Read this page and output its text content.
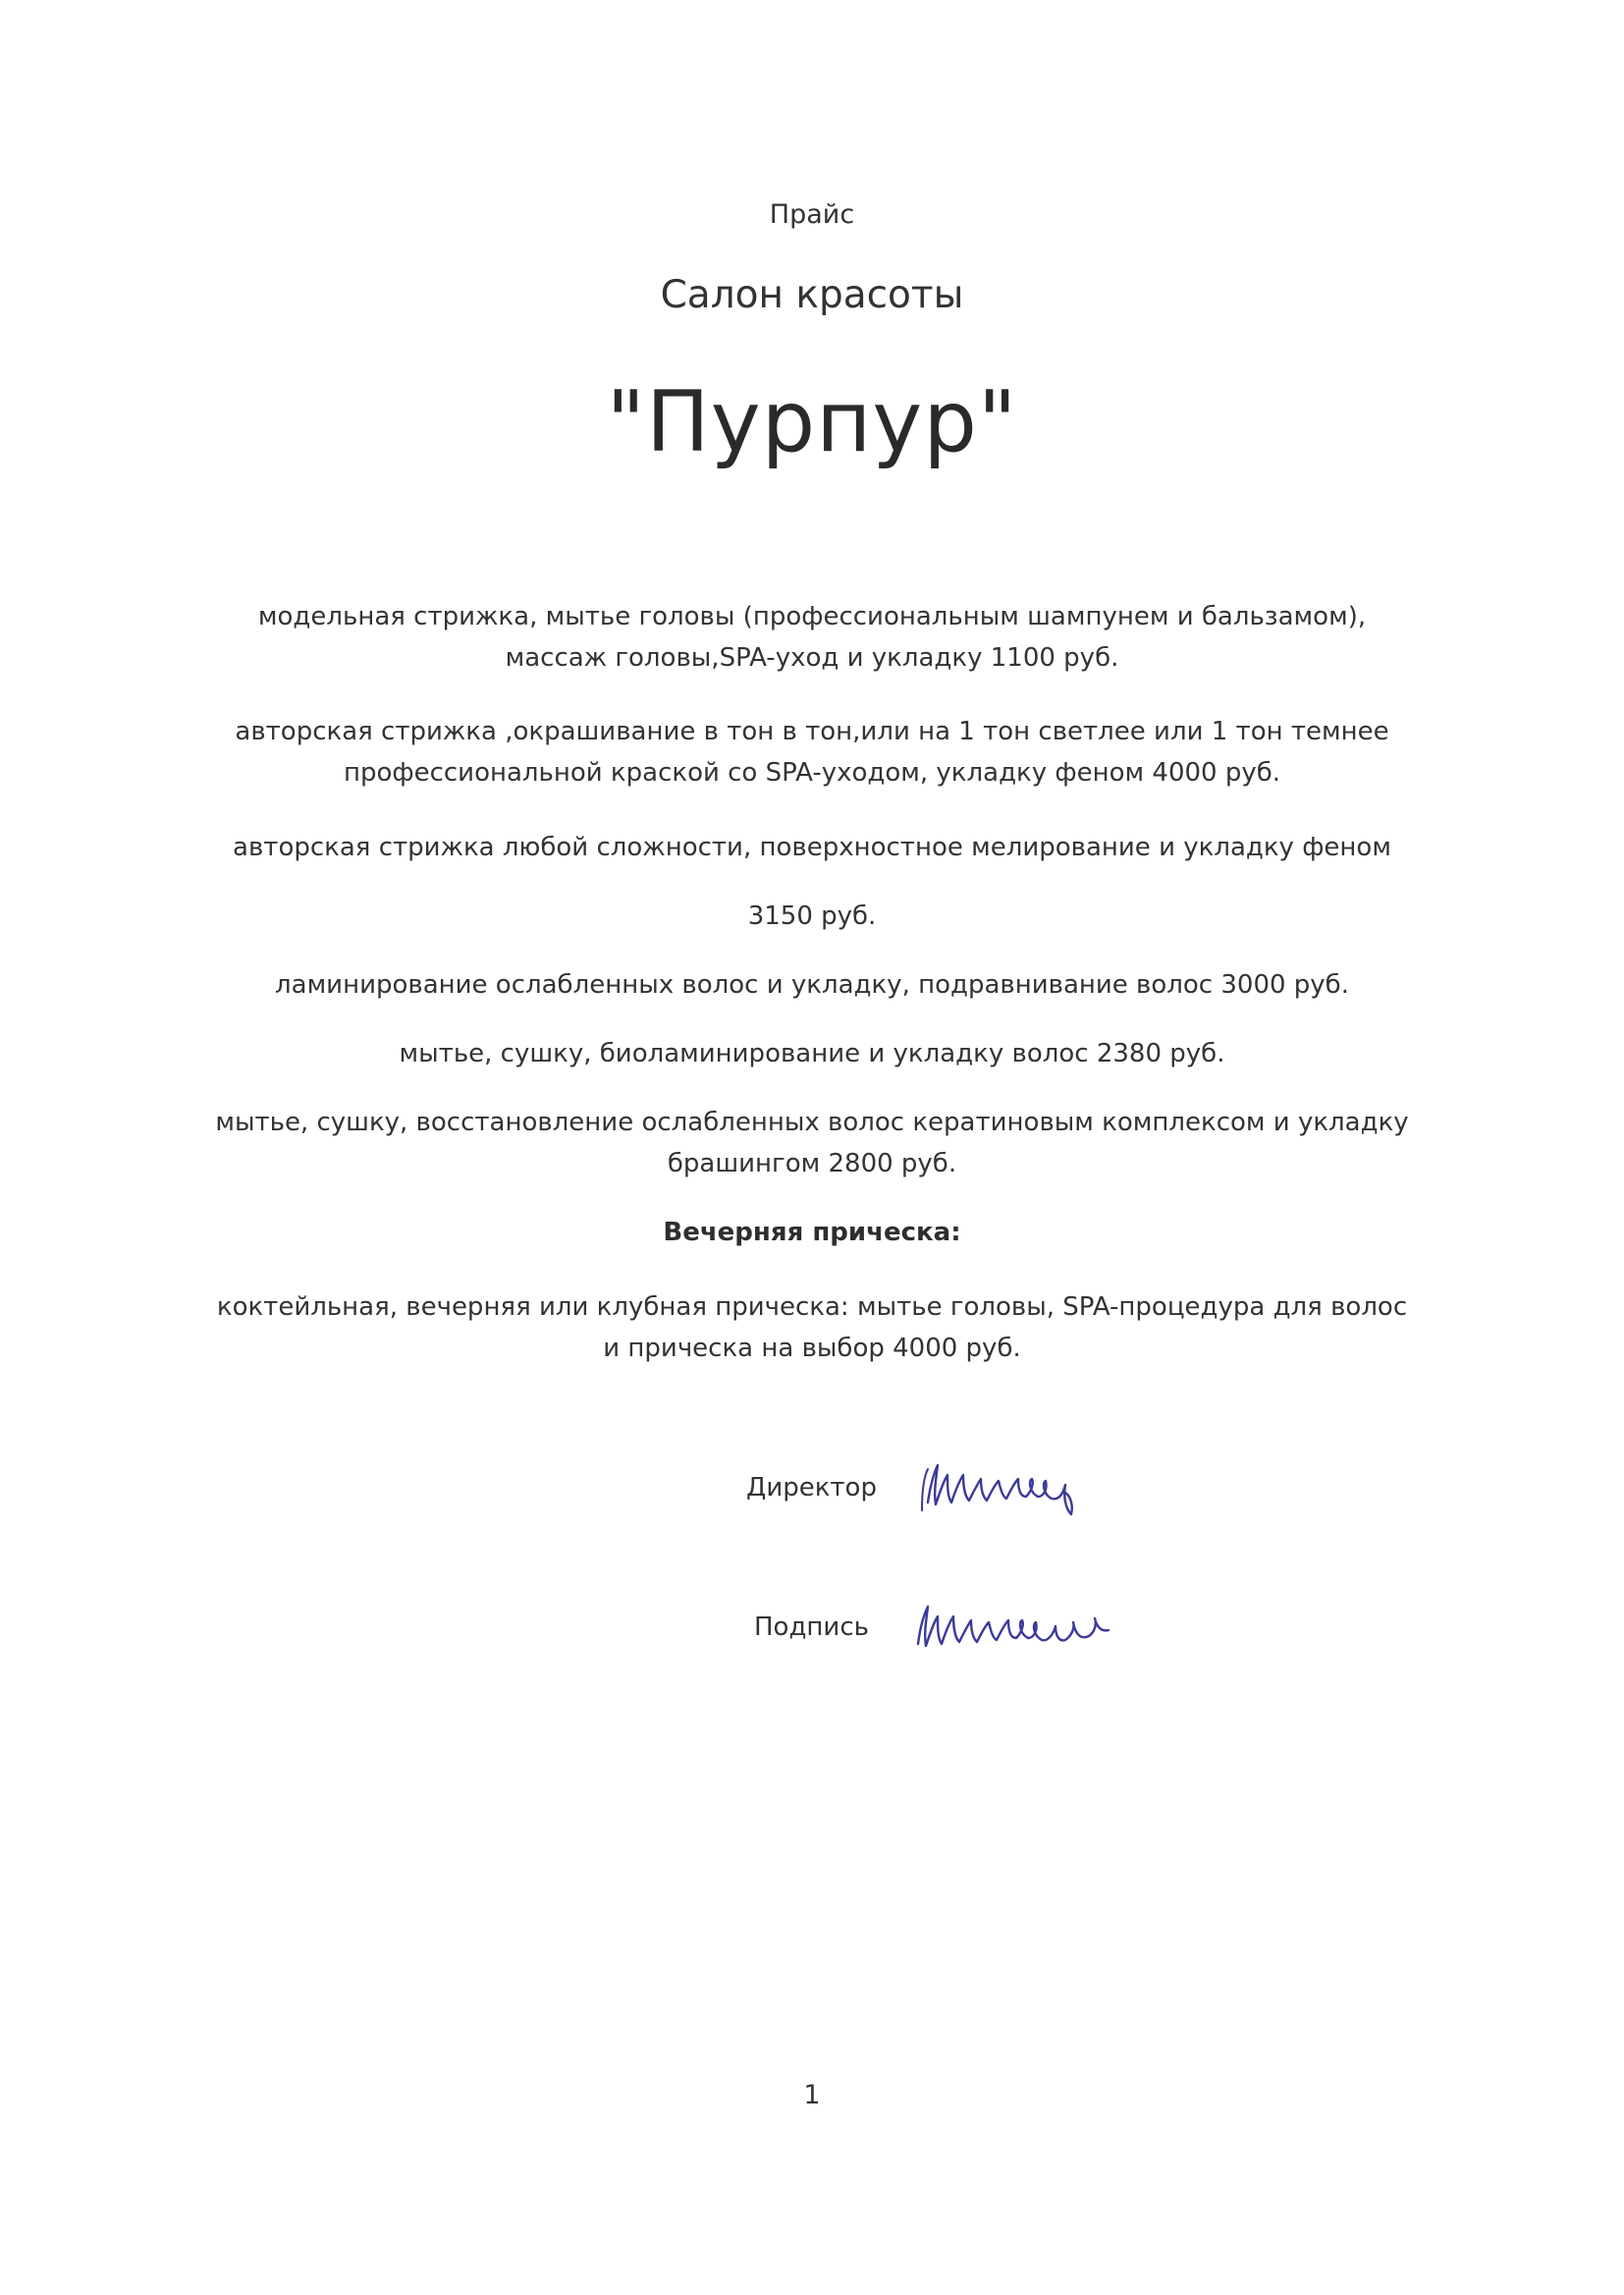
Прайс

Салон красоты

"Пурпур"

модельная стрижка, мытье головы (профессиональным шампунем и бальзамом),
массаж головы,SPA-уход и укладку 1100 руб.
авторская стрижка ,окрашивание в тон в тон,или на 1 тон светлее или 1 тон темнее
профессиональной краской со SPA-уходом, укладку феном 4000 руб.
авторская стрижка любой сложности, поверхностное мелирование и укладку феном
3150 руб.
ламинирование ослабленных волос и укладку, подравнивание волос 3000 руб.
мытье, сушку, биоламинирование и укладку волос 2380 руб.
мытье, сушку, восстановление ослабленных волос кератиновым комплексом и укладку
брашингом 2800 руб.

Вечерняя прическа:

коктейльная, вечерняя или клубная прическа: мытье головы, SPA-процедура для волос
и прическа на выбор 4000 руб.
Директор
Подпись

1
